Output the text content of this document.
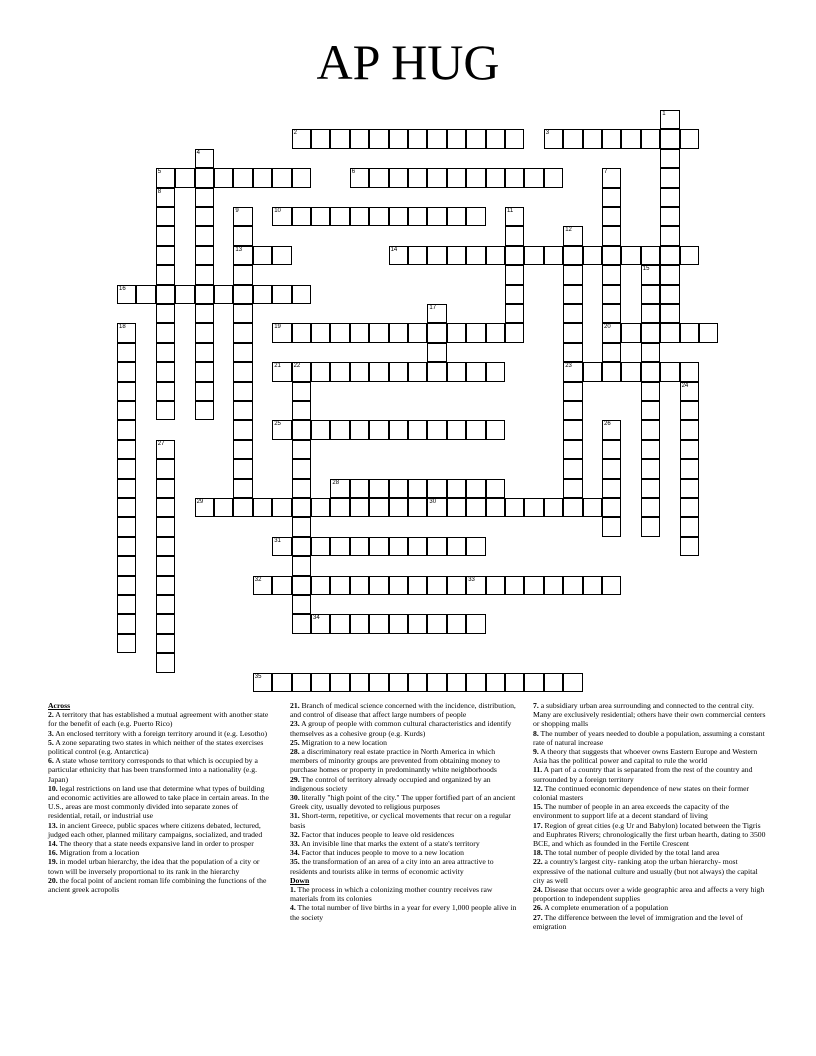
AP HUG
1
2	3
4
5	6	7
20
8
9
13
10	11
12
23
14
15
16
17
18	19
21 22
24
25	26
27
28
29	30
31
32	33
34
35
Across
2. A territory that has established a mutual agreement with another state for the benefit of each (e.g. Puerto Rico)
3. An enclosed territory with a foreign territory around it (e.g. Lesotho)
5. A zone separating two states in which neither of the states exercises political control (e.g. Antarctica)
6. A state whose territory corresponds to that which is occupied by a particular ethnicity that has been transformed into a nationality (e.g. Japan)
10. legal restrictions on land use that determine what types of building and economic activities are allowed to take place in certain areas. In the U.S., areas are most commonly divided into separate zones of residential, retail, or industrial use
13. in ancient Greece, public spaces where citizens debated, lectured, judged each other, planned military campaigns, socialized, and traded
14. The theory that a state needs expansive land in order to prosper
16. Migration from a location
19. in model urban hierarchy, the idea that the population of a city or town will be inversely proportional to its rank in the hierarchy
20. the focal point of ancient roman life combining the functions of the ancient greek acropolis
21. Branch of medical science concerned with the incidence, distribution, and control of disease that affect large numbers of people
23. A group of people with common cultural characteristics and identify themselves as a cohesive group (e.g. Kurds)
25. Migration to a new location
28. a discriminatory real estate practice in North America in which members of minority groups are prevented from obtaining money to purchase homes or property in predominantly white neighborhoods
29. The control of territory already occupied and organized by an indigenous society
30. literally "high point of the city." The upper fortified part of an ancient Greek city, usually devoted to religious purposes
31. Short-term, repetitive, or cyclical movements that recur on a regular basis
32. Factor that induces people to leave old residences
33. An invisible line that marks the extent of a state's territory
34. Factor that induces people to move to a new location
35. the transformation of an area of a city into an area attractive to residents and tourists alike in terms of economic activity
Down
1. The process in which a colonizing mother country receives raw materials from its colonies
4. The total number of live births in a year for every 1,000 people alive in the society
7. a subsidiary urban area surrounding and connected to the central city. Many are exclusively residential; others have their own commercial centers or shopping malls
8. The number of years needed to double a population, assuming a constant rate of natural increase
9. A theory that suggests that whoever owns Eastern Europe and Western Asia has the political power and capital to rule the world
11. A part of a country that is separated from the rest of the country and surrounded by a foreign territory
12. The continued economic dependence of new states on their former colonial masters
15. The number of people in an area exceeds the capacity of the environment to support life at a decent standard of living
17. Region of great cities (e.g Ur and Babylon) located between the Tigris and Euphrates Rivers; chronologically the first urban hearth, dating to 3500 BCE, and which as founded in the Fertile Crescent
18. The total number of people divided by the total land area
22. a country's largest city- ranking atop the urban hierarchy- most expressive of the national culture and usually (but not always) the capital city as well
24. Disease that occurs over a wide geographic area and affects a very high proportion to independent supplies
26. A complete enumeration of a population
27. The difference between the level of immigration and the level of emigration
